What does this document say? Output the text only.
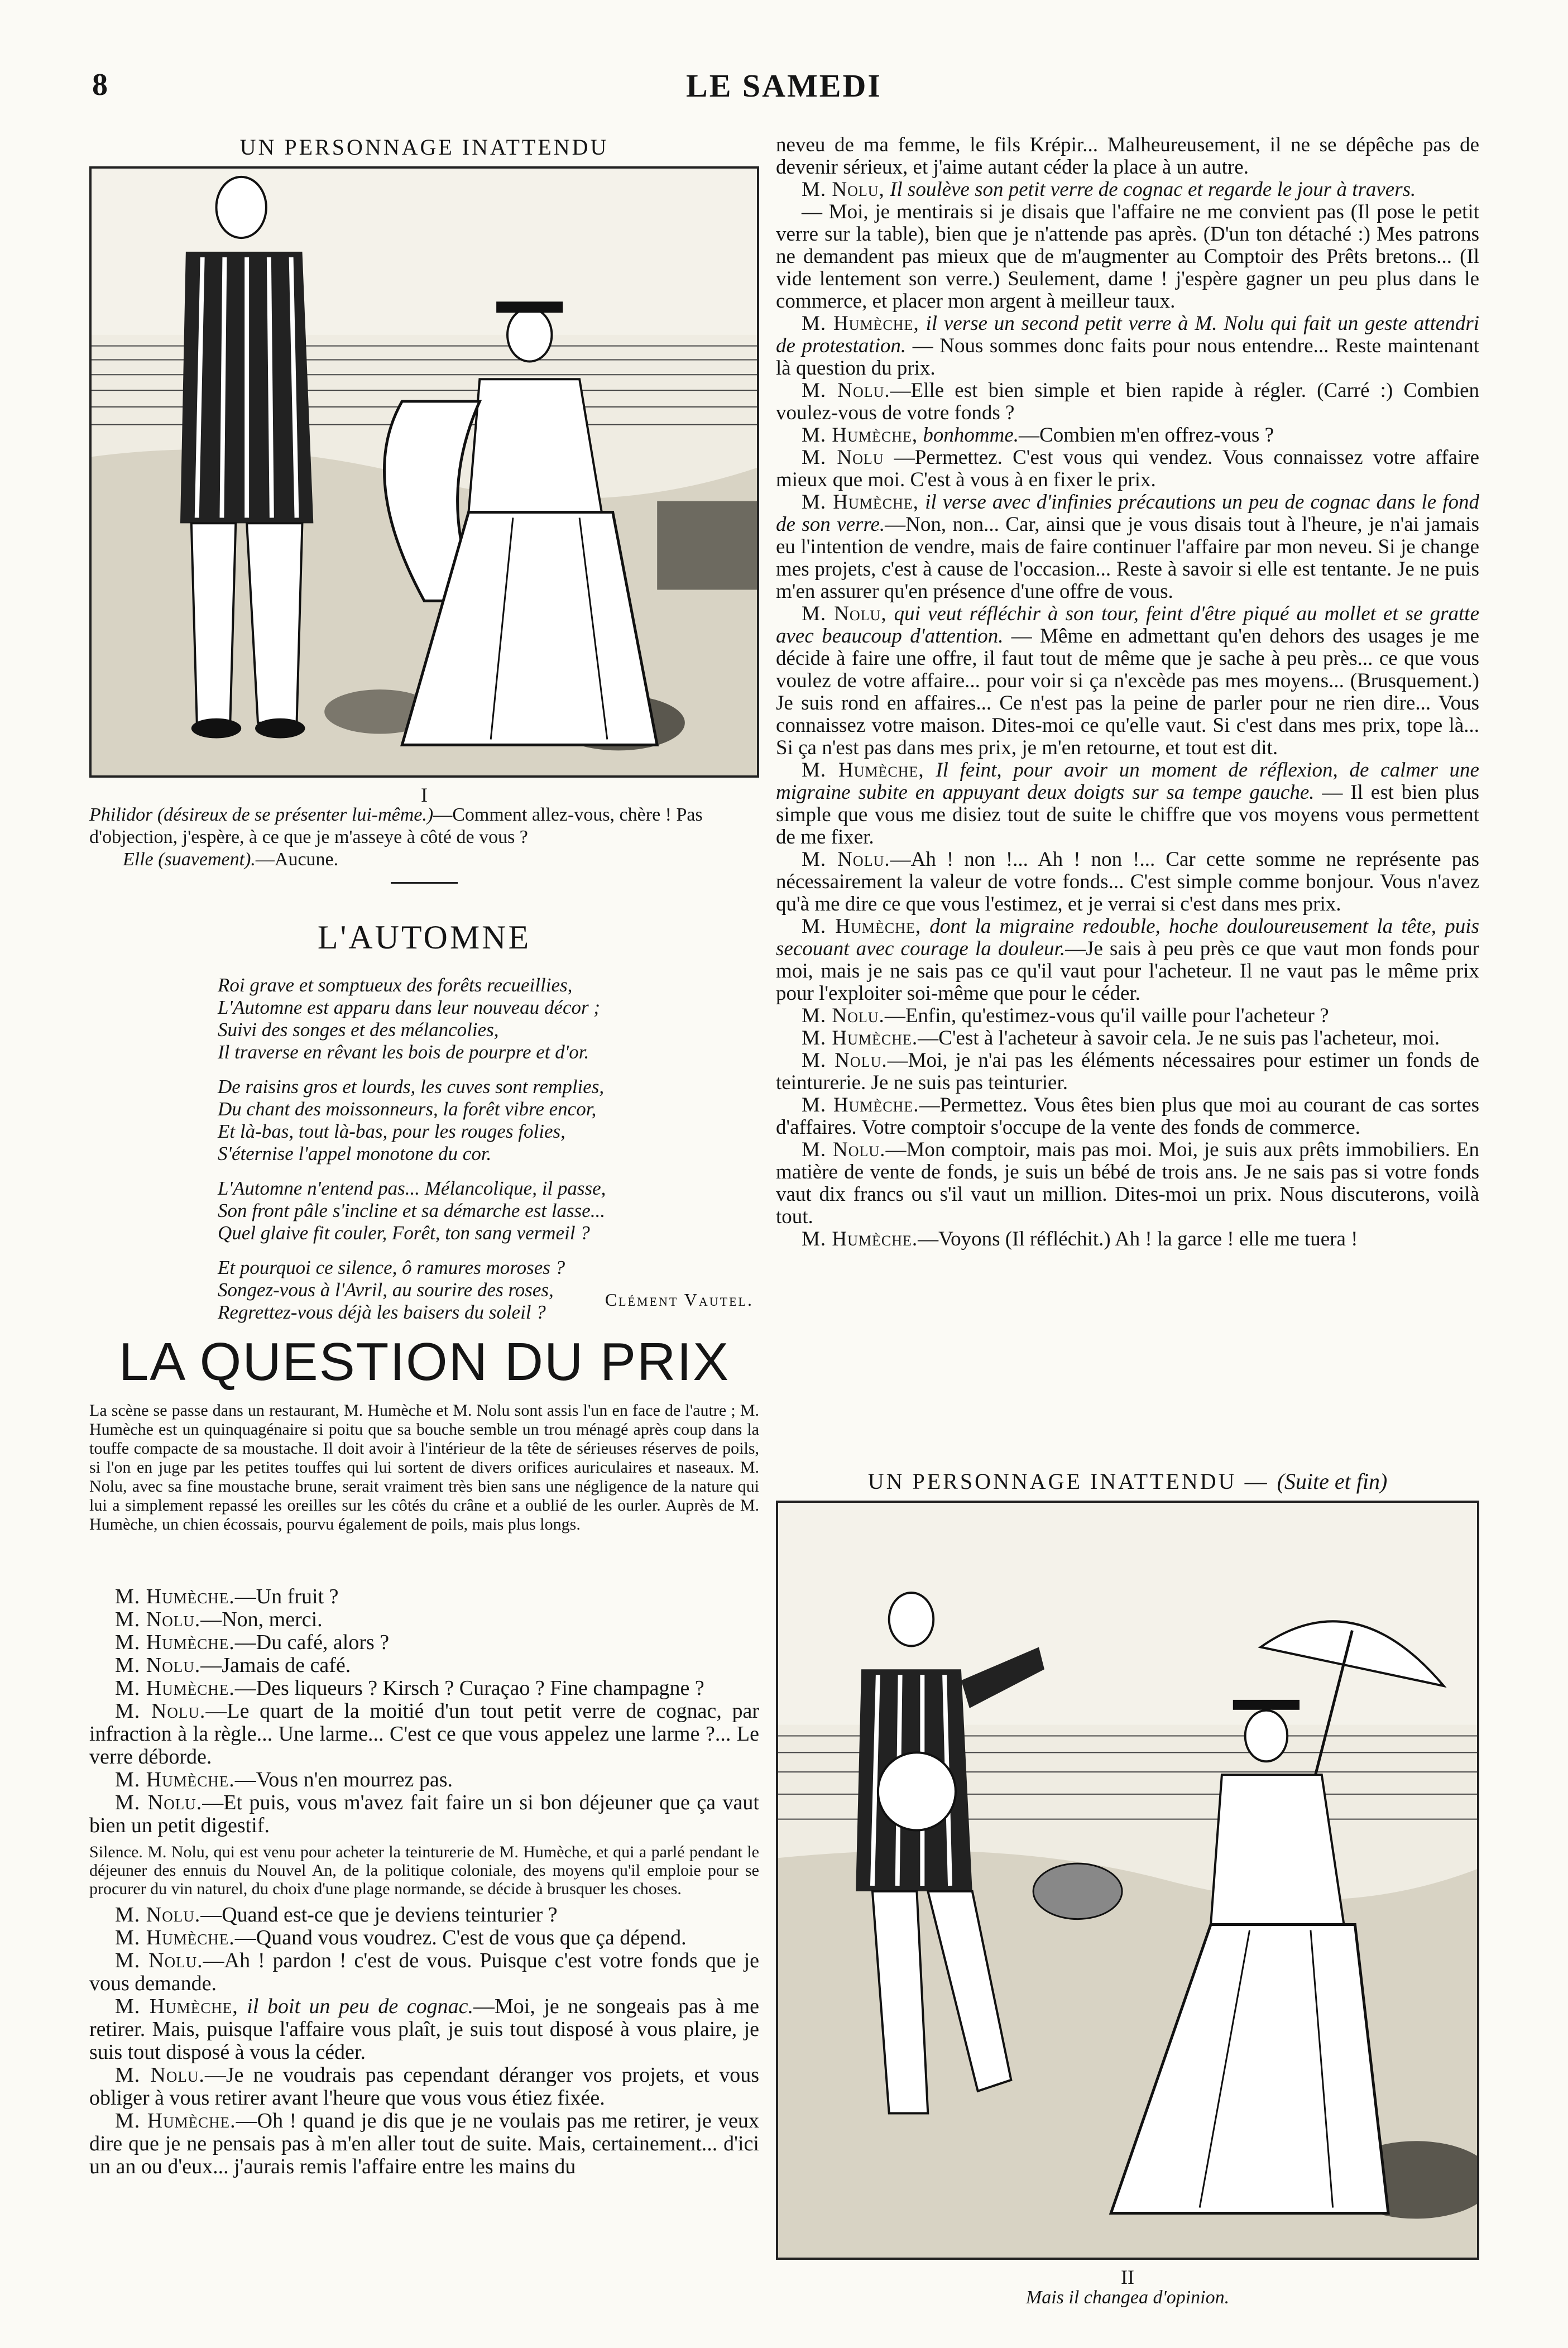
8	LE SAMEDI
UN PERSONNAGE INATTENDU
I
Philidor (désireux de se présenter lui-même.)—Comment allez-vous, chère ! Pas d'objection, j'espère, à ce que je m'asseye à côté de vous ?
Elle (suavement).—Aucune.
L'AUTOMNE
Roi grave et somptueux des forêts recueillies,
L'Automne est apparu dans leur nouveau décor ;
Suivi des songes et des mélancolies,
Il traverse en rêvant les bois de pourpre et d'or.
De raisins gros et lourds, les cuves sont remplies,
Du chant des moissonneurs, la forêt vibre encor,
Et là-bas, tout là-bas, pour les rouges folies,
S'éternise l'appel monotone du cor.
L'Automne n'entend pas... Mélancolique, il passe,
Son front pâle s'incline et sa démarche est lasse...
Quel glaive fit couler, Forêt, ton sang vermeil ?
Et pourquoi ce silence, ô ramures moroses ?
Songez-vous à l'Avril, au sourire des roses,
Regrettez-vous déjà les baisers du soleil ?
Clément Vautel.
LA QUESTION DU PRIX
La scène se passe dans un restaurant, M. Humèche et M. Nolu sont assis l'un en face de l'autre ; M. Humèche est un quinquagénaire si poitu que sa bouche semble un trou ménagé après coup dans la touffe compacte de sa moustache. Il doit avoir à l'intérieur de la tête de sérieuses réserves de poils, si l'on en juge par les petites touffes qui lui sortent de divers orifices auriculaires et naseaux. M. Nolu, avec sa fine moustache brune, serait vraiment très bien sans une négligence de la nature qui lui a simplement repassé les oreilles sur les côtés du crâne et a oublié de les ourler. Auprès de M. Humèche, un chien écossais, pourvu également de poils, mais plus longs.

M. Humèche.—Un fruit ?

M. Nolu.—Non, merci.

M. Humèche.—Du café, alors ?

M. Nolu.—Jamais de café.

M. Humèche.—Des liqueurs ? Kirsch ? Curaçao ? Fine champagne ?

M. Nolu.—Le quart de la moitié d'un tout petit verre de cognac, par infraction à la règle... Une larme... C'est ce que vous appelez une larme ?... Le verre déborde.

M. Humèche.—Vous n'en mourrez pas.

M. Nolu.—Et puis, vous m'avez fait faire un si bon déjeuner que ça vaut bien un petit digestif.

Silence. M. Nolu, qui est venu pour acheter la teinturerie de M. Humèche, et qui a parlé pendant le déjeuner des ennuis du Nouvel An, de la politique coloniale, des moyens qu'il emploie pour se procurer du vin naturel, du choix d'une plage normande, se décide à brusquer les choses.

M. Nolu.—Quand est-ce que je deviens teinturier ?

M. Humèche.—Quand vous voudrez. C'est de vous que ça dépend.

M. Nolu.—Ah ! pardon ! c'est de vous. Puisque c'est votre fonds que je vous demande.

M. Humèche, il boit un peu de cognac.—Moi, je ne songeais pas à me retirer. Mais, puisque l'affaire vous plaît, je suis tout disposé à vous plaire, je suis tout disposé à vous la céder.

M. Nolu.—Je ne voudrais pas cependant déranger vos projets, et vous obliger à vous retirer avant l'heure que vous vous étiez fixée.

M. Humèche.—Oh ! quand je dis que je ne voulais pas me retirer, je veux dire que je ne pensais pas à m'en aller tout de suite. Mais, certainement... d'ici un an ou d'eux... j'aurais remis l'affaire entre les mains du

neveu de ma femme, le fils Krépir... Malheureusement, il ne se dépêche pas de devenir sérieux, et j'aime autant céder la place à un autre.

M. Nolu, Il soulève son petit verre de cognac et regarde le jour à travers.

— Moi, je mentirais si je disais que l'affaire ne me convient pas (Il pose le petit verre sur la table), bien que je n'attende pas après. (D'un ton détaché :) Mes patrons ne demandent pas mieux que de m'augmenter au Comptoir des Prêts bretons... (Il vide lentement son verre.) Seulement, dame ! j'espère gagner un peu plus dans le commerce, et placer mon argent à meilleur taux.

M. Humèche, il verse un second petit verre à M. Nolu qui fait un geste attendri de protestation. — Nous sommes donc faits pour nous entendre... Reste maintenant là question du prix.

M. Nolu.—Elle est bien simple et bien rapide à régler. (Carré :) Combien voulez-vous de votre fonds ?

M. Humèche, bonhomme.—Combien m'en offrez-vous ?

M. Nolu —Permettez. C'est vous qui vendez. Vous connaissez votre affaire mieux que moi. C'est à vous à en fixer le prix.

M. Humèche, il verse avec d'infinies précautions un peu de cognac dans le fond de son verre.—Non, non... Car, ainsi que je vous disais tout à l'heure, je n'ai jamais eu l'intention de vendre, mais de faire continuer l'affaire par mon neveu. Si je change mes projets, c'est à cause de l'occasion... Reste à savoir si elle est tentante. Je ne puis m'en assurer qu'en présence d'une offre de vous.

M. Nolu, qui veut réfléchir à son tour, feint d'être piqué au mollet et se gratte avec beaucoup d'attention. — Même en admettant qu'en dehors des usages je me décide à faire une offre, il faut tout de même que je sache à peu près... ce que vous voulez de votre affaire... pour voir si ça n'excède pas mes moyens... (Brusquement.) Je suis rond en affaires... Ce n'est pas la peine de parler pour ne rien dire... Vous connaissez votre maison. Dites-moi ce qu'elle vaut. Si c'est dans mes prix, tope là... Si ça n'est pas dans mes prix, je m'en retourne, et tout est dit.

M. Humèche, Il feint, pour avoir un moment de réflexion, de calmer une migraine subite en appuyant deux doigts sur sa tempe gauche. — Il est bien plus simple que vous me disiez tout de suite le chiffre que vos moyens vous permettent de me fixer.

M. Nolu.—Ah ! non !... Ah ! non !... Car cette somme ne représente pas nécessairement la valeur de votre fonds... C'est simple comme bonjour. Vous n'avez qu'à me dire ce que vous l'estimez, et je verrai si c'est dans mes prix.

M. Humèche, dont la migraine redouble, hoche douloureusement la tête, puis secouant avec courage la douleur.—Je sais à peu près ce que vaut mon fonds pour moi, mais je ne sais pas ce qu'il vaut pour l'acheteur. Il ne vaut pas le même prix pour l'exploiter soi-même que pour le céder.

M. Nolu.—Enfin, qu'estimez-vous qu'il vaille pour l'acheteur ?

M. Humèche.—C'est à l'acheteur à savoir cela. Je ne suis pas l'acheteur, moi.

M. Nolu.—Moi, je n'ai pas les éléments nécessaires pour estimer un fonds de teinturerie. Je ne suis pas teinturier.

M. Humèche.—Permettez. Vous êtes bien plus que moi au courant de cas sortes d'affaires. Votre comptoir s'occupe de la vente des fonds de commerce.

M. Nolu.—Mon comptoir, mais pas moi. Moi, je suis aux prêts immobiliers. En matière de vente de fonds, je suis un bébé de trois ans. Je ne sais pas si votre fonds vaut dix francs ou s'il vaut un million. Dites-moi un prix. Nous discuterons, voilà tout.

M. Humèche.—Voyons (Il réfléchit.) Ah ! la garce ! elle me tuera !

UN PERSONNAGE INATTENDU — (Suite et fin)
II
Mais il changea d'opinion.
